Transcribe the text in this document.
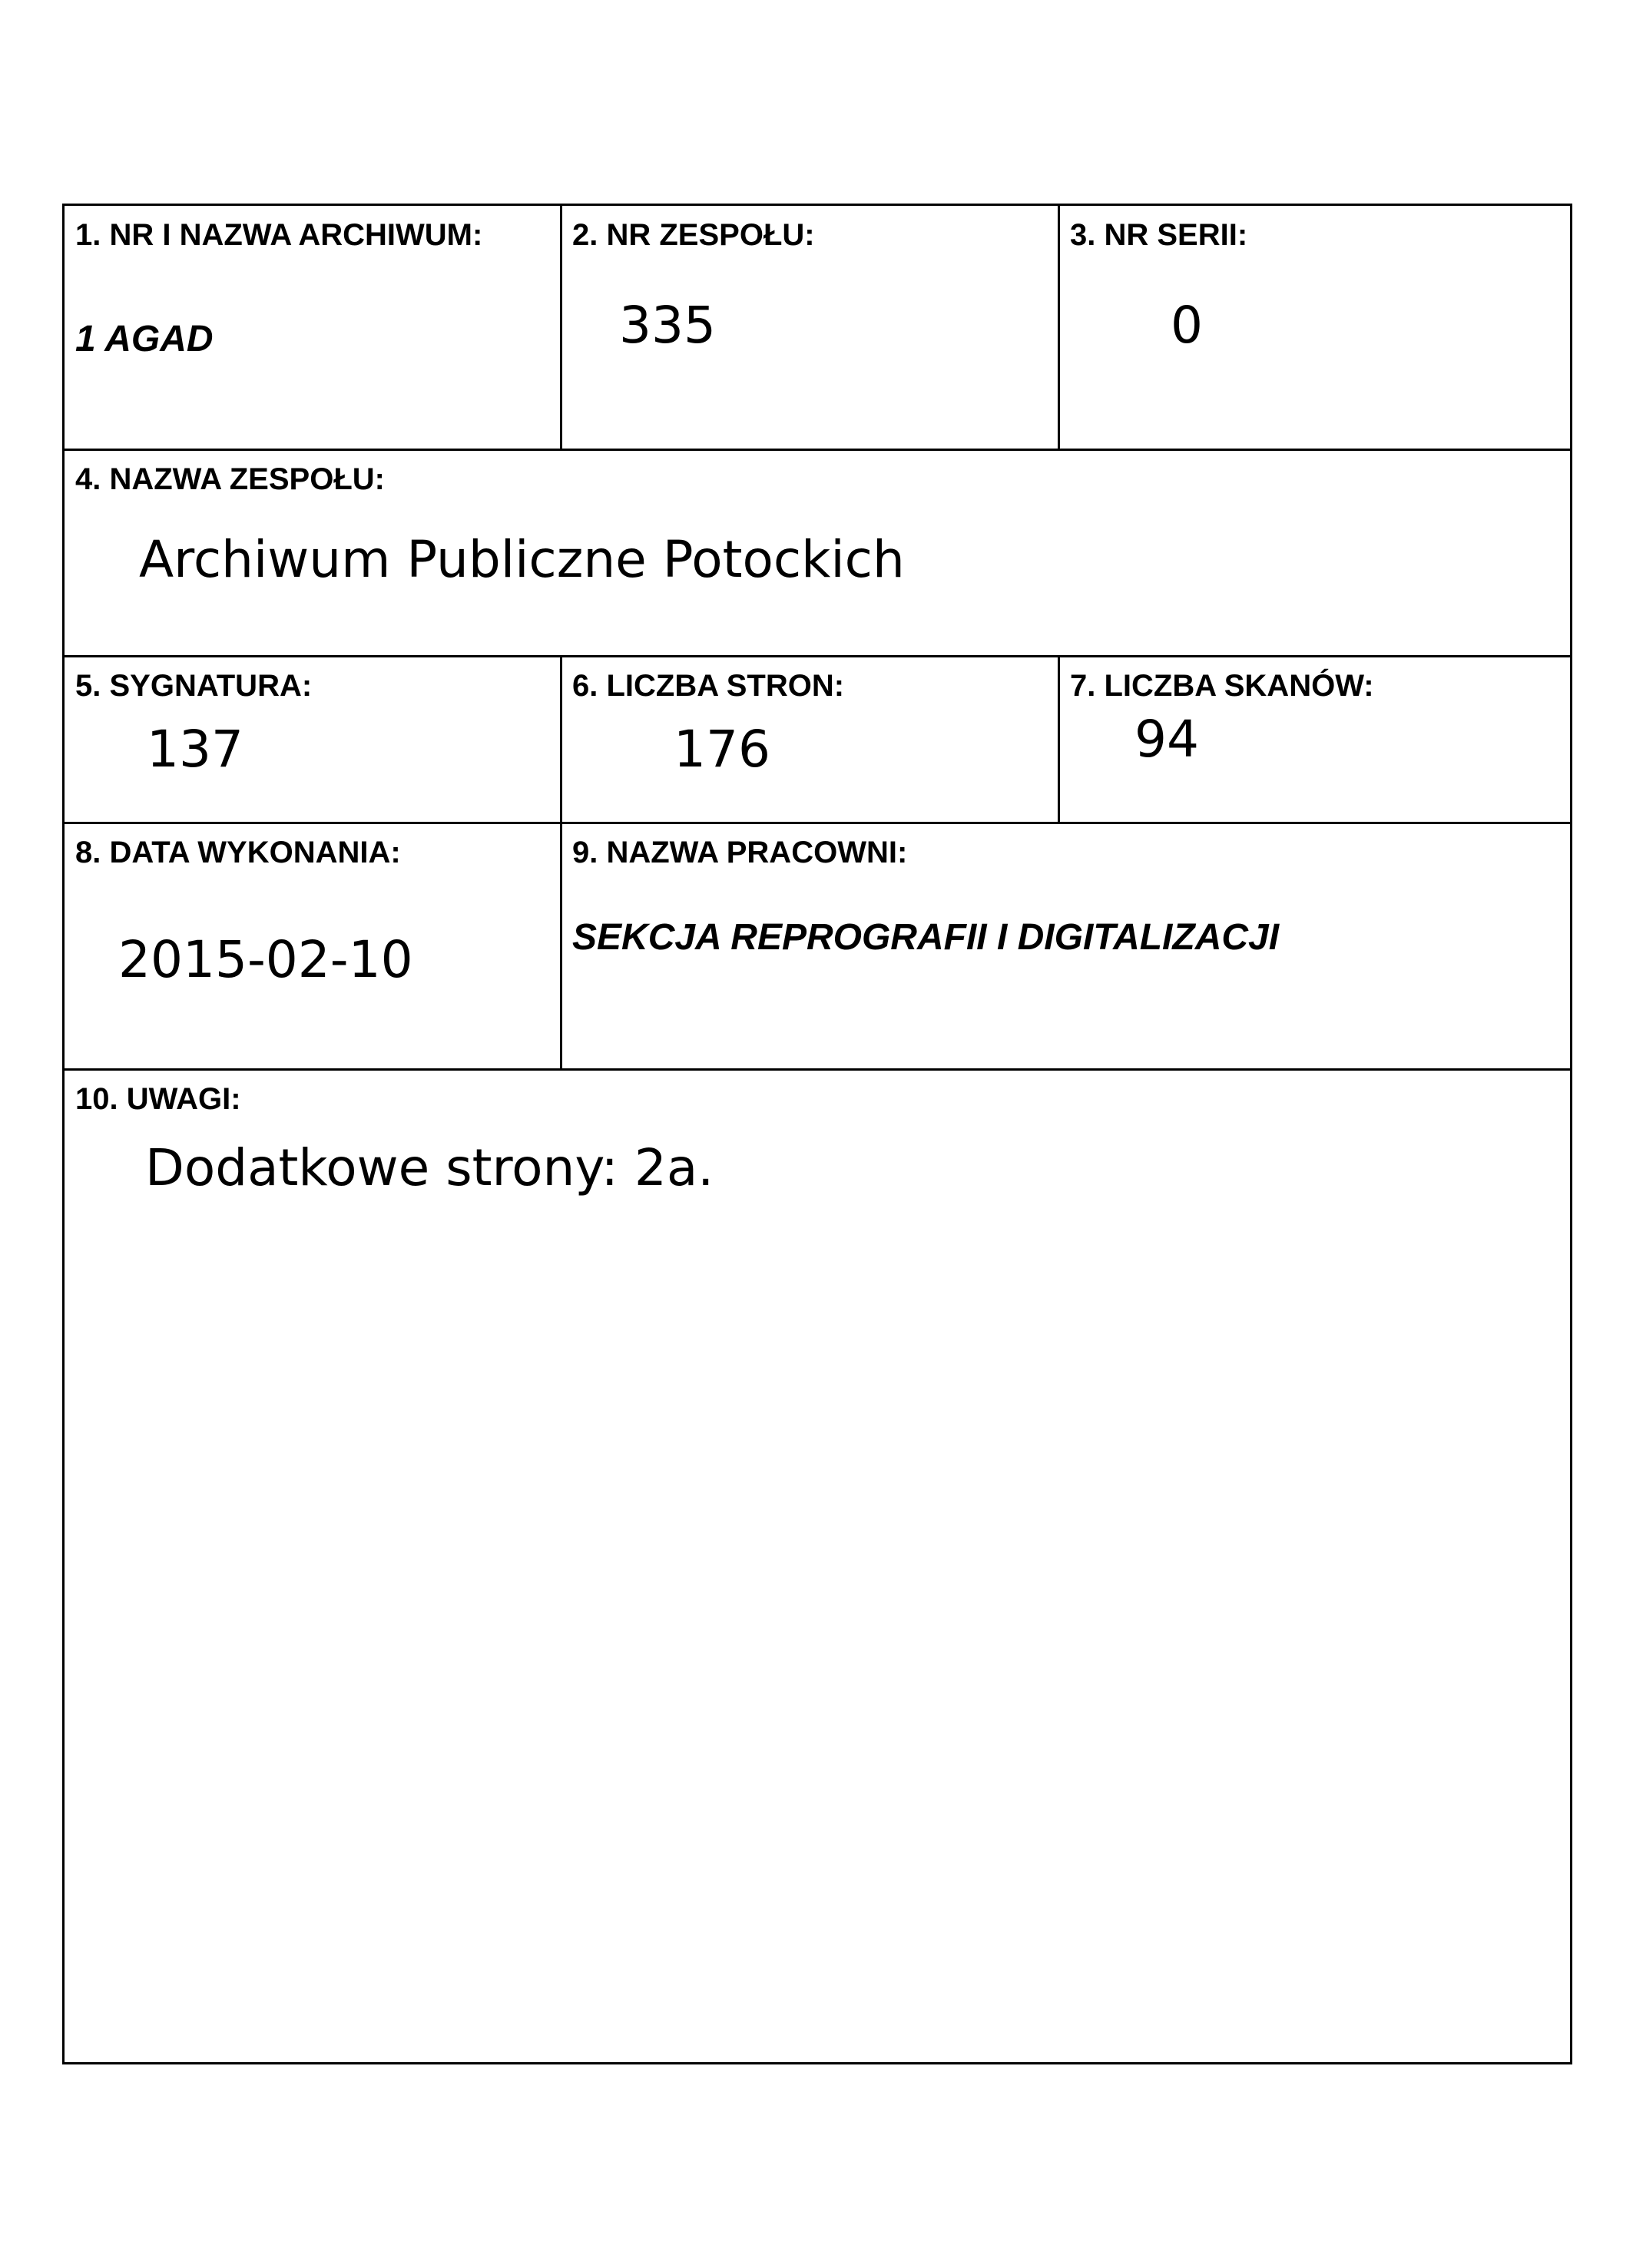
1. NR I NAZWA ARCHIWUM:
1 AGAD
2. NR ZESPOŁU:
335
3. NR SERII:
0
4. NAZWA ZESPOŁU:
Archiwum Publiczne Potockich
5. SYGNATURA:
137
6. LICZBA STRON:
176
7. LICZBA SKANÓW:
94
8. DATA WYKONANIA:
2015-02-10
9. NAZWA PRACOWNI:
SEKCJA REPROGRAFII I DIGITALIZACJI
10. UWAGI:
Dodatkowe strony: 2a.
